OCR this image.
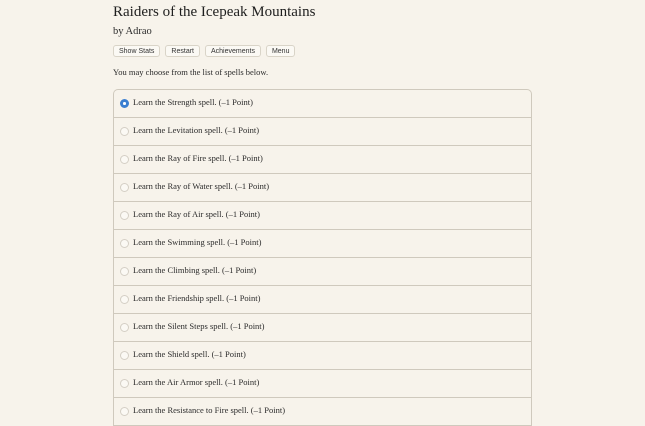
Raiders of the Icepeak Mountains
by Adrao
Show Stats	Restart	Achievements	Menu
You may choose from the list of spells below.
Learn the Strength spell. (–1 Point)
Learn the Levitation spell. (–1 Point)
Learn the Ray of Fire spell. (–1 Point)
Learn the Ray of Water spell. (–1 Point)
Learn the Ray of Air spell. (–1 Point)
Learn the Swimming spell. (–1 Point)
Learn the Climbing spell. (–1 Point)
Learn the Friendship spell. (–1 Point)
Learn the Silent Steps spell. (–1 Point)
Learn the Shield spell. (–1 Point)
Learn the Air Armor spell. (–1 Point)
Learn the Resistance to Fire spell. (–1 Point)
